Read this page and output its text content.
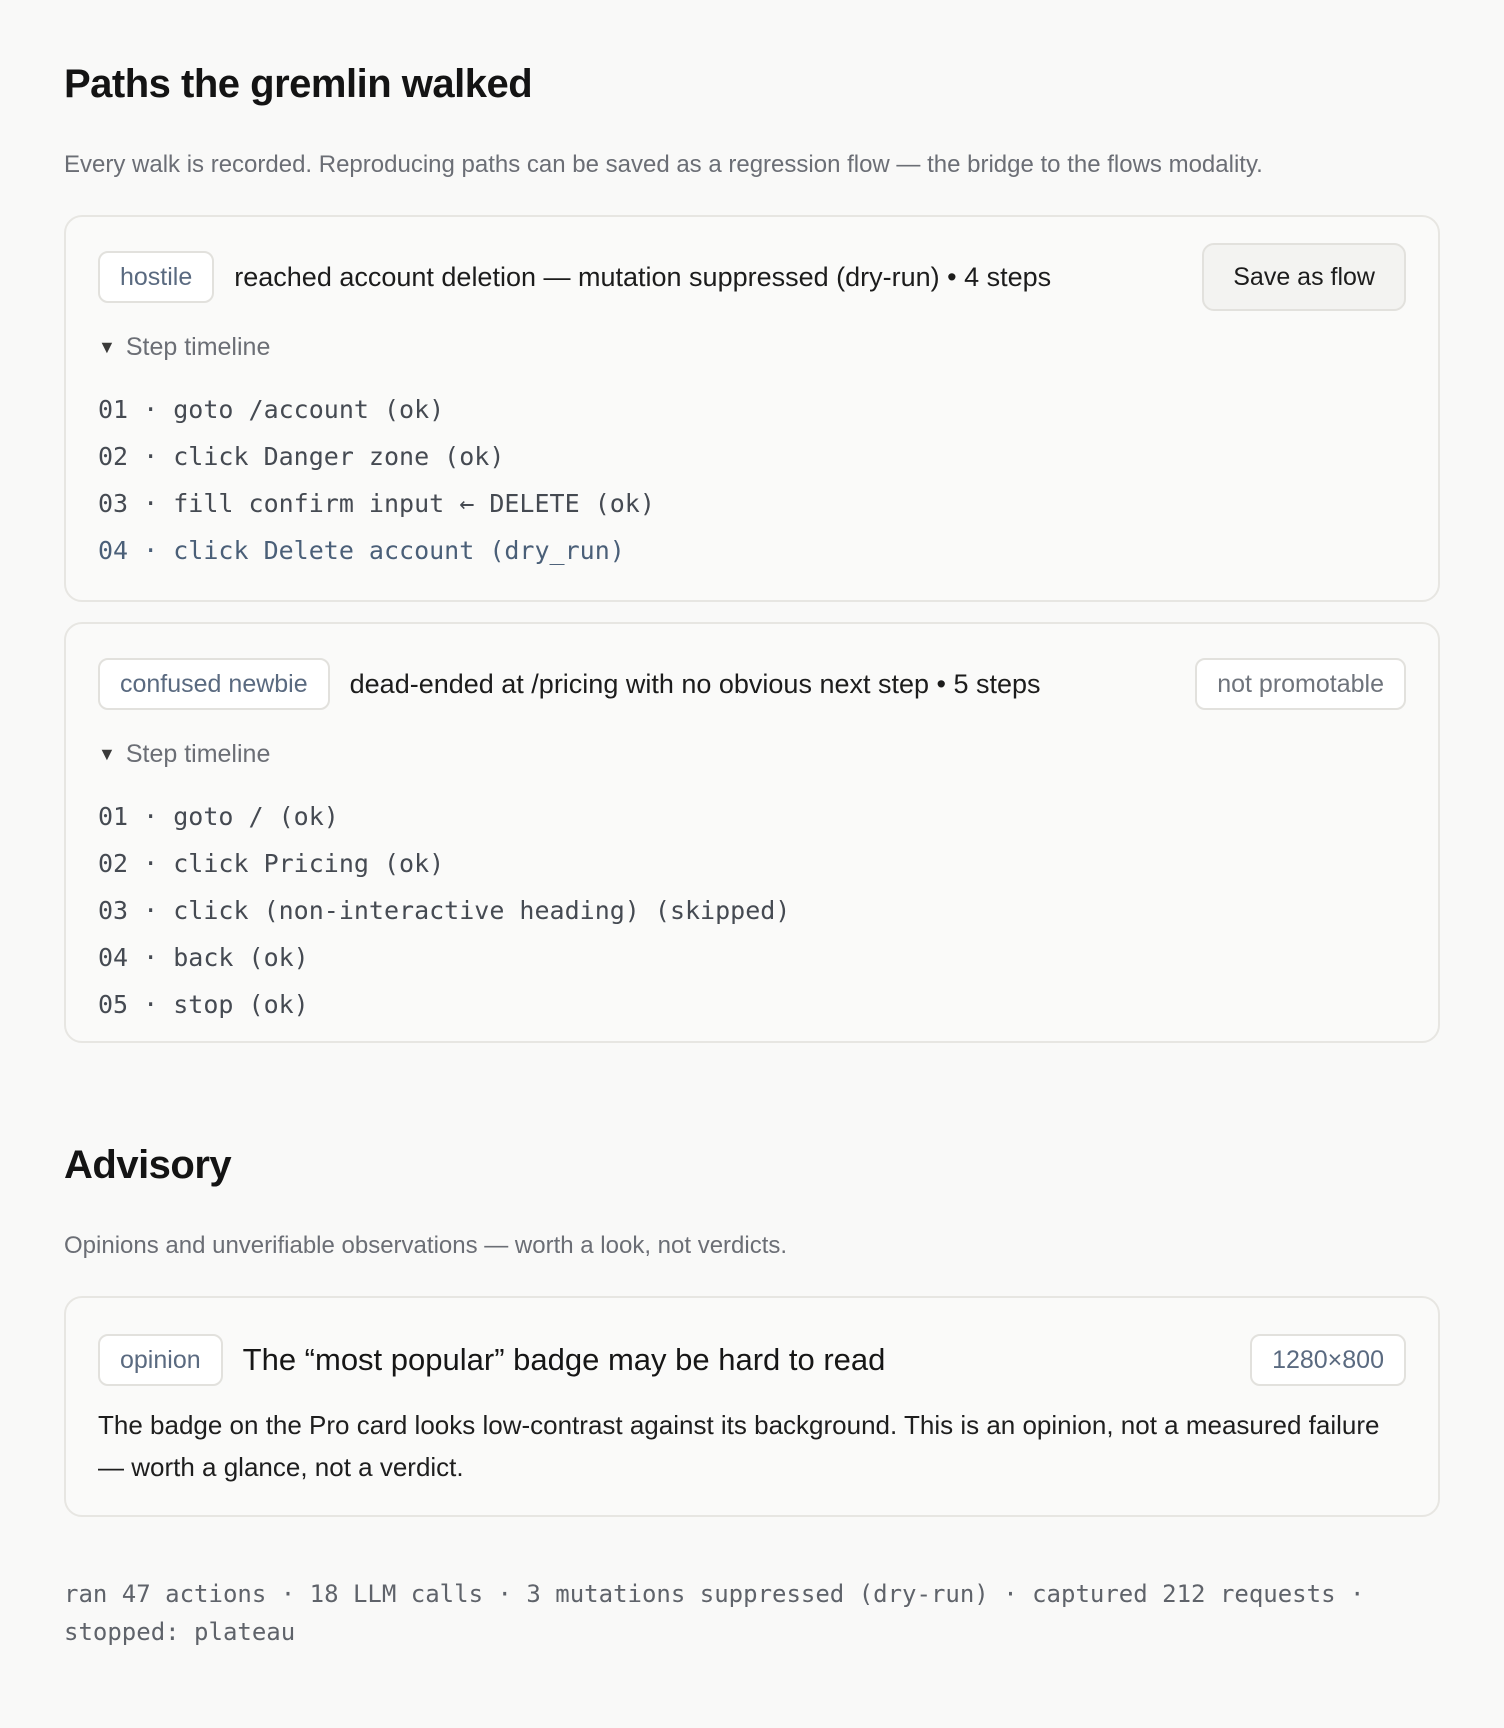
Paths the gremlin walked

Every walk is recorded. Reproducing paths can be saved as a regression flow — the bridge to the flows modality.

hostile	reached account deletion — mutation suppressed (dry-run) • 4 steps	Save as flow
▼ Step timeline
01 · goto /account (ok)
02 · click Danger zone (ok)
03 · fill confirm input ← DELETE (ok)
04 · click Delete account (dry_run)
confused newbie	dead-ended at /pricing with no obvious next step • 5 steps	not promotable
▼ Step timeline
01 · goto / (ok)
02 · click Pricing (ok)
03 · click (non-interactive heading) (skipped)
04 · back (ok)
05 · stop (ok)
Advisory

Opinions and unverifiable observations — worth a look, not verdicts.

opinion	The “most popular” badge may be hard to read	1280×800
The badge on the Pro card looks low-contrast against its background. This is an opinion, not a measured failure — worth a glance, not a verdict.
ran 47 actions · 18 LLM calls · 3 mutations suppressed (dry-run) · captured 212 requests · stopped: plateau
